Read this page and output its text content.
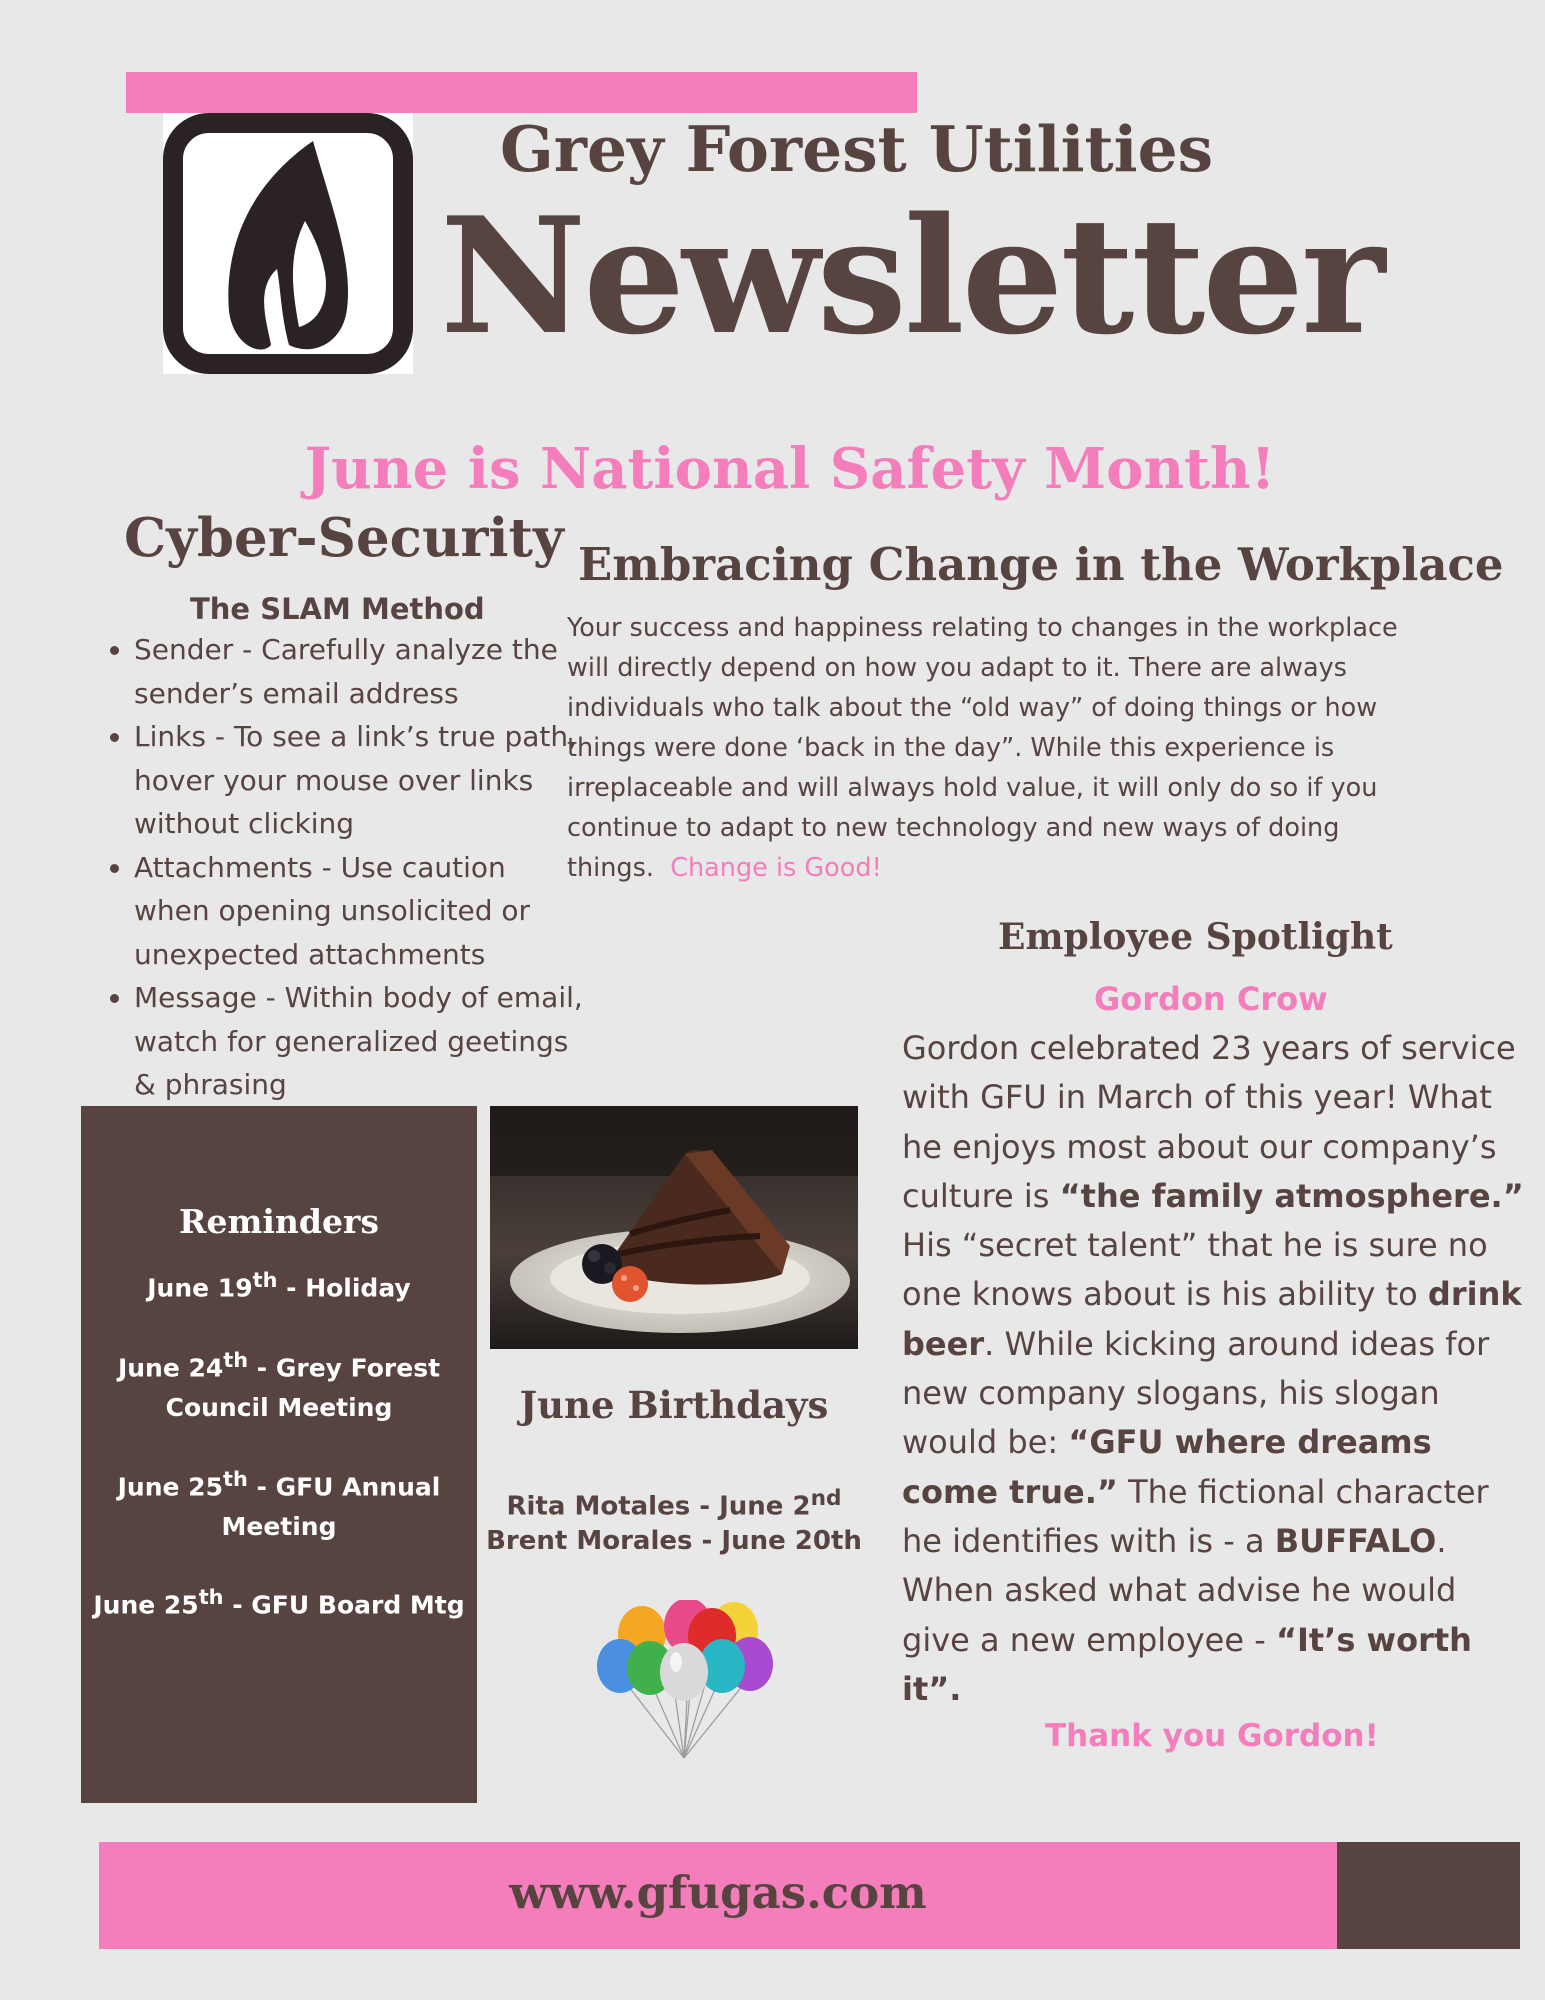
Grey Forest Utilities
Newsletter
June is National Safety Month!
Cyber-Security
The SLAM Method
• Sender - Carefully analyze the sender’s email address
• Links - To see a link’s true path, hover your mouse over links without clicking
• Attachments - Use caution when opening unsolicited or unexpected attachments
• Message - Within body of email, watch for generalized geetings & phrasing
Embracing Change in the Workplace
Your success and happiness relating to changes in the workplace will directly depend on how you adapt to it. There are always individuals who talk about the “old way” of doing things or how things were done ‘back in the day”. While this experience is irreplaceable and will always hold value, it will only do so if you continue to adapt to new technology and new ways of doing things. Change is Good!
Employee Spotlight
Gordon Crow
Gordon celebrated 23 years of service with GFU in March of this year! What he enjoys most about our company’s culture is “the family atmosphere.” His “secret talent” that he is sure no one knows about is his ability to drink beer. While kicking around ideas for new company slogans, his slogan would be: “GFU where dreams come true.” The fictional character he identifies with is - a BUFFALO. When asked what advise he would give a new employee - “It’s worth it”.
Thank you Gordon!
Reminders
June 19th - Holiday
June 24th - Grey Forest Council Meeting
June 25th - GFU Annual Meeting
June 25th - GFU Board Mtg
June Birthdays
Rita Motales - June 2nd
Brent Morales - June 20th
www.gfugas.com
